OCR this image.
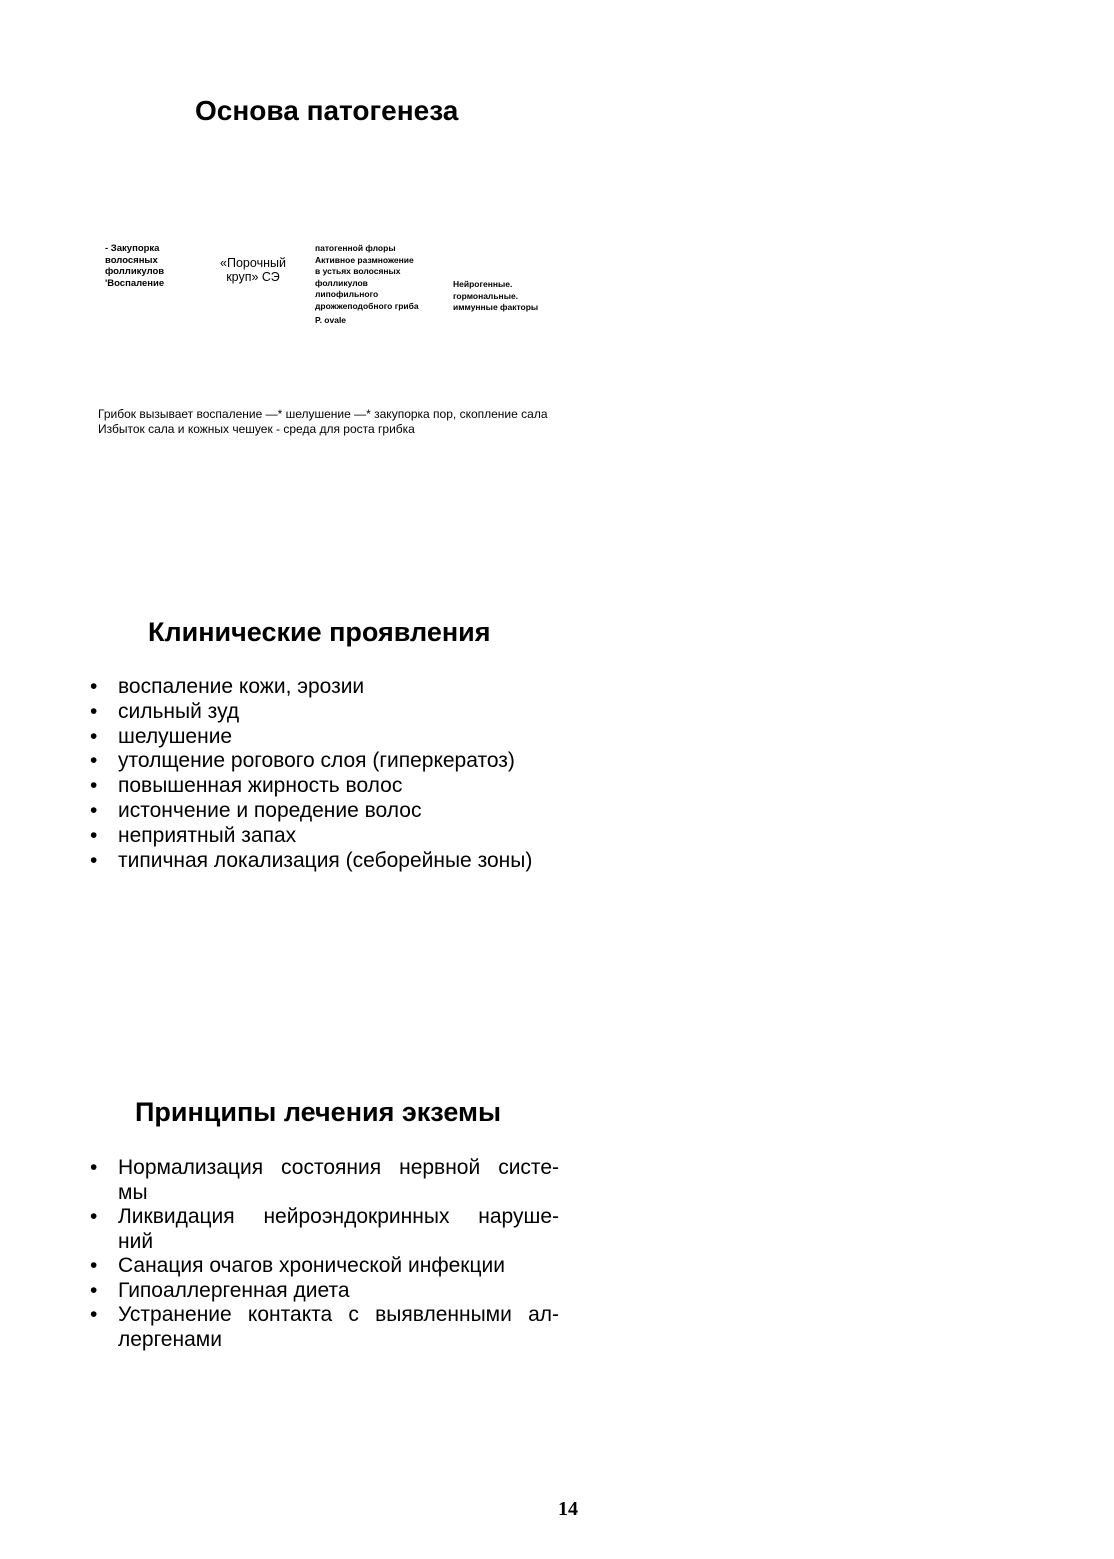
Основа патогенеза
- Закупорка
волосяных
фолликулов
'Воспаление
«Порочный
круп» СЭ
патогенной флоры
Активное размножение
в устьях волосяных
фолликулов
липофильного
дрожжеподобного гриба
P. ovale
Нейрогенные.
гормональные.
иммунные факторы
Грибок вызывает воспаление —* шелушение —* закупорка пор, скопление сала
Избыток сала и кожных чешуек - среда для роста грибка
Клинические проявления
• воспаление кожи, эрозии
• сильный зуд
• шелушение
• утолщение рогового слоя (гиперкератоз)
• повышенная жирность волос
• истончение и поредение волос
• неприятный запах
• типичная локализация (себорейные зоны)
Принципы лечения экземы
• Нормализация состояния нервной систе-
мы
• Ликвидация нейроэндокринных наруше-
ний
• Санация очагов хронической инфекции
• Гипоаллергенная диета
• Устранение контакта с выявленными ал-
лергенами
14
